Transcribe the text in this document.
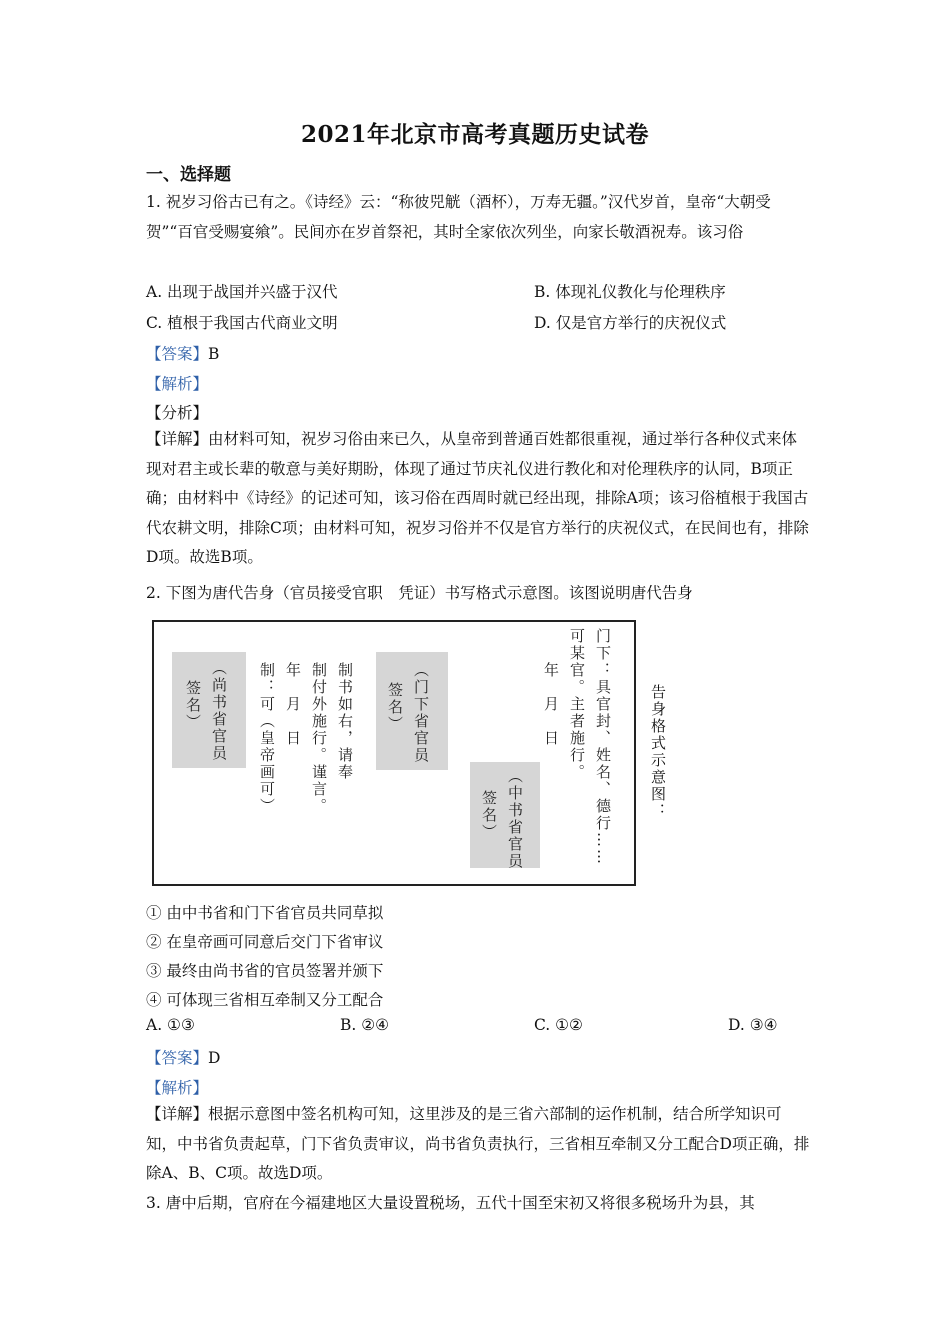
2021年北京市高考真题历史试卷
一、选择题
1. 祝岁习俗古已有之。《诗经》云：“称彼兕觥（酒杯），万寿无疆。”汉代岁首，皇帝“大朝受贺”“百官受赐宴飨”。民间亦在岁首祭祀，其时全家依次列坐，向家长敬酒祝寿。该习俗
A. 出现于战国并兴盛于汉代	B. 体现礼仪教化与伦理秩序
C. 植根于我国古代商业文明	D. 仅是官方举行的庆祝仪式
【答案】B
【解析】
【分析】
【详解】由材料可知，祝岁习俗由来已久，从皇帝到普通百姓都很重视，通过举行各种仪式来体现对君主或长辈的敬意与美好期盼，体现了通过节庆礼仪进行教化和对伦理秩序的认同，B项正确；由材料中《诗经》的记述可知，该习俗在西周时就已经出现，排除A项；该习俗植根于我国古代农耕文明，排除C项；由材料可知，祝岁习俗并不仅是官方举行的庆祝仪式，在民间也有，排除D项。故选B项。
2. 下图为唐代告身（官员接受官职　凭证）书写格式示意图。该图说明唐代告身
门下：具官封、姓名、德行……
可某官。主者施行。
年　月　日
（中书省官员
签名）
（门下省官员
签名）
制书如右，请奉
制付外施行。谨言。
年　月　日
制：可（皇帝画可）
（尚书省官员
签名）	告身格式示意图：
① 由中书省和门下省官员共同草拟
② 在皇帝画可同意后交门下省审议
③ 最终由尚书省的官员签署并颁下
④ 可体现三省相互牵制又分工配合
A. ①③	B. ②④	C. ①②	D. ③④
【答案】D
【解析】
【详解】根据示意图中签名机构可知，这里涉及的是三省六部制的运作机制，结合所学知识可知，中书省负责起草，门下省负责审议，尚书省负责执行，三省相互牵制又分工配合D项正确，排除A、B、C项。故选D项。
3. 唐中后期，官府在今福建地区大量设置税场，五代十国至宋初又将很多税场升为县，其
